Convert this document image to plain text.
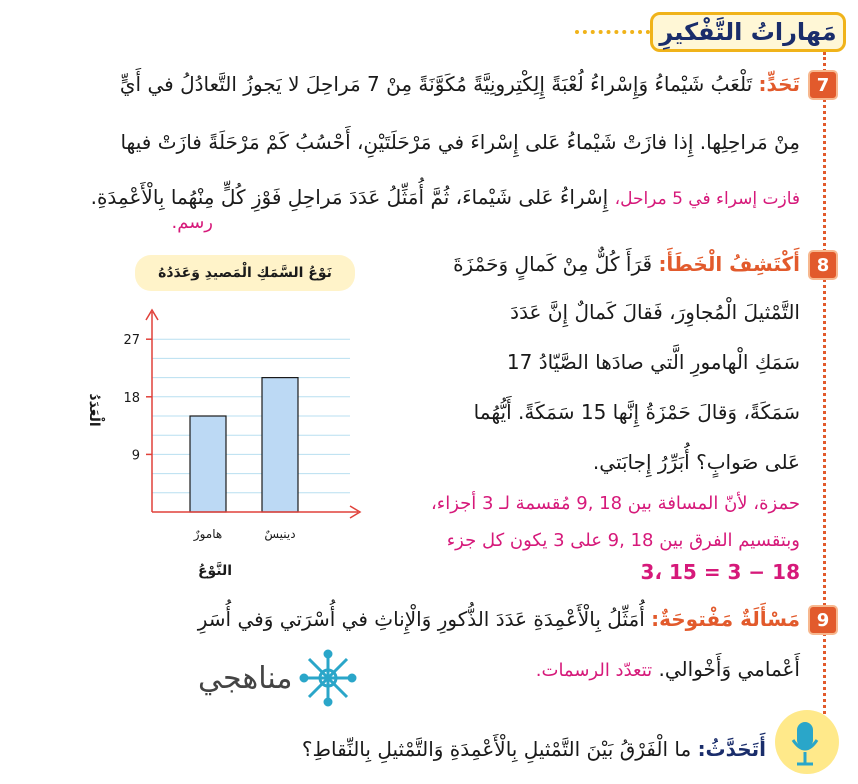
مَهاراتُ التَّفْكيرِ
7
تَحَدٍّ: تَلْعَبُ شَيْماءُ وَإِسْراءُ لُعْبَةً إِلِكْتِرونِيَّةً مُكَوَّنَةً مِنْ 7 مَراحِلَ لا يَجوزُ التَّعادُلُ في أَيٍّ
مِنْ مَراحِلِها. إِذا فازَتْ شَيْماءُ عَلى إِسْراءَ في مَرْحَلَتَيْنِ، أَحْسُبُ كَمْ مَرْحَلَةً فازَتْ فيها
فازت إسراء في 5 مراحل، إِسْراءُ عَلى شَيْماءَ، ثُمَّ أُمَثِّلُ عَدَدَ مَراحِلِ فَوْزِ كُلٍّ مِنْهُما بِالْأَعْمِدَةِ.
رسم.
8
أَكْتَشِفُ الْخَطَأَ: قَرَأَ كُلٌّ مِنْ كَمالٍ وَحَمْزَةَ
التَّمْثيلَ الْمُجاوِرَ، فَقالَ كَمالٌ إِنَّ عَدَدَ
سَمَكِ الْهامورِ الَّتي صادَها الصَّيّادُ 17
سَمَكَةً، وَقالَ حَمْزَةُ إِنَّها 15 سَمَكَةً. أَيُّهُما
عَلى صَوابٍ؟ أُبَرِّرُ إِجابَتي.
حمزة، لأنّ المسافة بين 18 ,9 مُقسمة لـ 3 أجزاء،
وبتقسيم الفرق بين 18 ,9 على 3 يكون كل جزء
18 − 3 = 15 ،3
نَوْعُ السَّمَكِ الْمَصيدِ وَعَدَدُهُ
9
18
27
هامورٌ	دينيسٌ
النَّوْعُ
الْعَدَدُ
9
مَسْأَلَةٌ مَفْتوحَةٌ: أُمَثِّلُ بِالْأَعْمِدَةِ عَدَدَ الذُّكورِ وَالْإِناثِ في أُسْرَتي وَفي أُسَرِ
أَعْمامي وَأَخْوالي. تتعدّد الرسمات.
مناهجي
أَتَحَدَّثُ: ما الْفَرْقُ بَيْنَ التَّمْثيلِ بِالْأَعْمِدَةِ وَالتَّمْثيلِ بِالنِّقاطِ؟
